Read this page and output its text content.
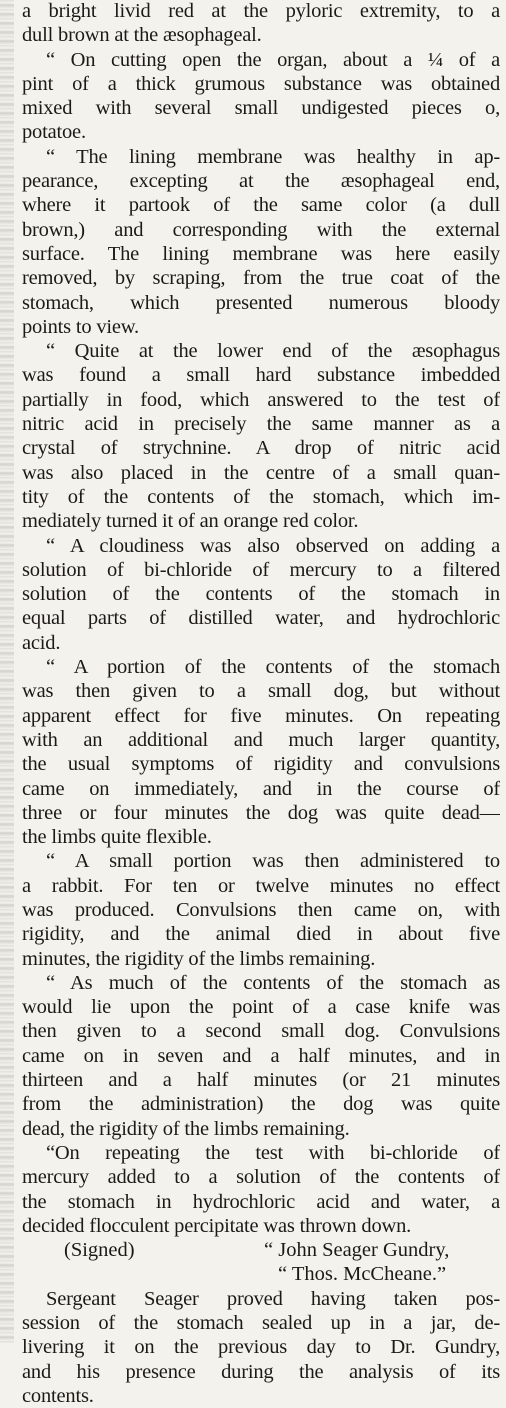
a bright livid red at the pyloric extremity, to a
dull brown at the æsophageal.
“ On cutting open the organ, about a ¼ of a
pint of a thick grumous substance was obtained
mixed with several small undigested pieces o,
potatoe.
“ The lining membrane was healthy in ap-
pearance, excepting at the æsophageal end,
where it partook of the same color (a dull
brown,) and corresponding with the external
surface. The lining membrane was here easily
removed, by scraping, from the true coat of the
stomach, which presented numerous bloody
points to view.
“ Quite at the lower end of the æsophagus
was found a small hard substance imbedded
partially in food, which answered to the test of
nitric acid in precisely the same manner as a
crystal of strychnine. A drop of nitric acid
was also placed in the centre of a small quan-
tity of the contents of the stomach, which im-
mediately turned it of an orange red color.
“ A cloudiness was also observed on adding a
solution of bi-chloride of mercury to a filtered
solution of the contents of the stomach in
equal parts of distilled water, and hydrochloric
acid.
“ A portion of the contents of the stomach
was then given to a small dog, but without
apparent effect for five minutes. On repeating
with an additional and much larger quantity,
the usual symptoms of rigidity and convulsions
came on immediately, and in the course of
three or four minutes the dog was quite dead—
the limbs quite flexible.
“ A small portion was then administered to
a rabbit. For ten or twelve minutes no effect
was produced. Convulsions then came on, with
rigidity, and the animal died in about five
minutes, the rigidity of the limbs remaining.
“ As much of the contents of the stomach as
would lie upon the point of a case knife was
then given to a second small dog. Convulsions
came on in seven and a half minutes, and in
thirteen and a half minutes (or 21 minutes
from the administration) the dog was quite
dead, the rigidity of the limbs remaining.
“On repeating the test with bi-chloride of
mercury added to a solution of the contents of
the stomach in hydrochloric acid and water, a
decided flocculent percipitate was thrown down.
(Signed)	“ John Seager Gundry,
“ Thos. McCheane.”
Sergeant Seager proved having taken pos-
session of the stomach sealed up in a jar, de-
livering it on the previous day to Dr. Gundry,
and his presence during the analysis of its
contents.
